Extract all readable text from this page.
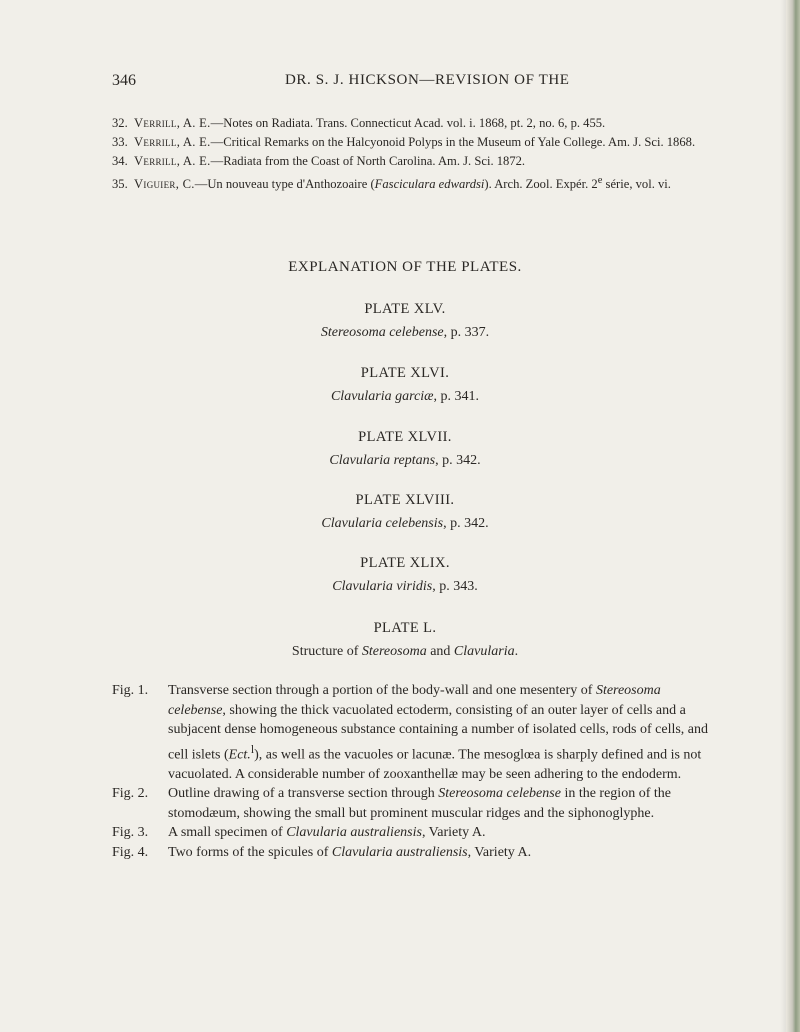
346	DR. S. J. HICKSON—REVISION OF THE
32. Verrill, A. E.—Notes on Radiata. Trans. Connecticut Acad. vol. i. 1868, pt. 2, no. 6, p. 455.
33. Verrill, A. E.—Critical Remarks on the Halcyonoid Polyps in the Museum of Yale College. Am. J. Sci. 1868.
34. Verrill, A. E.—Radiata from the Coast of North Carolina. Am. J. Sci. 1872.
35. Viguier, C.—Un nouveau type d'Anthozoaire (Fasciculara edwardsi). Arch. Zool. Expér. 2e série, vol. vi.
EXPLANATION OF THE PLATES.
PLATE XLV.
Stereosoma celebense, p. 337.
PLATE XLVI.
Clavularia garciæ, p. 341.
PLATE XLVII.
Clavularia reptans, p. 342.
PLATE XLVIII.
Clavularia celebensis, p. 342.
PLATE XLIX.
Clavularia viridis, p. 343.
PLATE L.
Structure of Stereosoma and Clavularia.
Fig. 1. Transverse section through a portion of the body-wall and one mesentery of Stereosoma celebense, showing the thick vacuolated ectoderm, consisting of an outer layer of cells and a subjacent dense homogeneous substance containing a number of isolated cells, rods of cells, and cell islets (Ect.$^l$), as well as the vacuoles or lacunæ. The mesoglœa is sharply defined and is not vacuolated. A considerable number of zooxanthellæ may be seen adhering to the endoderm.
Fig. 2. Outline drawing of a transverse section through Stereosoma celebense in the region of the stomodæum, showing the small but prominent muscular ridges and the siphonoglyphe.
Fig. 3. A small specimen of Clavularia australiensis, Variety A.
Fig. 4. Two forms of the spicules of Clavularia australiensis, Variety A.
